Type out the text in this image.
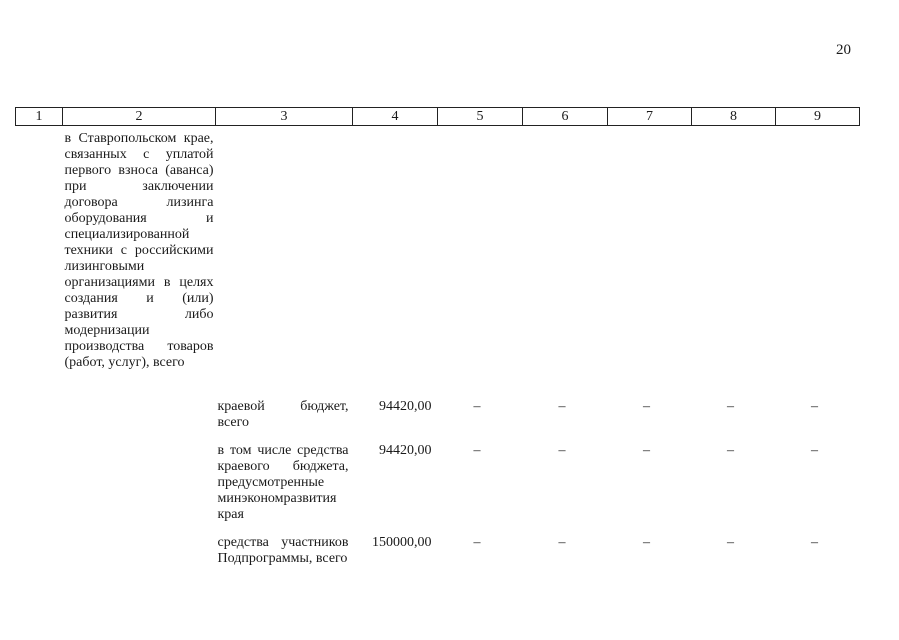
20
1	2	3	4	5	6	7	8	9
	в Ставропольском крае, связанных с уплатой первого взноса (аванса) при заключении договора лизинга оборудования и специализированной техники с российскими лизинговыми организациями в целях создания и (или) развития либо модернизации производства товаров (работ, услуг), всего							
		краевой бюджет, всего	94420,00	–	–	–	–	–

		в том числе средства краевого бюджета, предусмотренные минэкономразвития края	94420,00	–	–	–	–	–

		средства участников Подпрограммы, всего	150000,00	–	–	–	–	–
